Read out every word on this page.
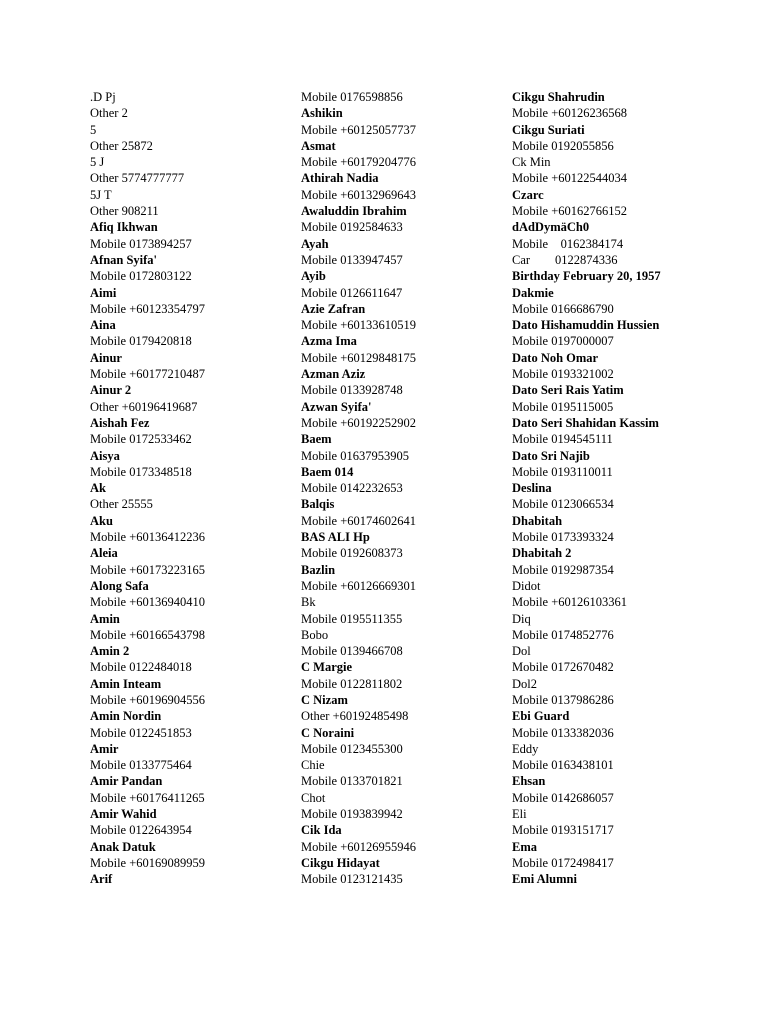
.D Pj
Other 2
5
Other 25872
5 J
Other 5774777777
5J T
Other 908211
Afiq Ikhwan
Mobile 0173894257
Afnan Syifa'
Mobile 0172803122
Aimi
Mobile +60123354797
Aina
Mobile 0179420818
Ainur
Mobile +60177210487
Ainur 2
Other +60196419687
Aishah Fez
Mobile 0172533462
Aisya
Mobile 0173348518
Ak
Other 25555
Aku
Mobile +60136412236
Aleia
Mobile +60173223165
Along Safa
Mobile +60136940410
Amin
Mobile +60166543798
Amin 2
Mobile 0122484018
Amin Inteam
Mobile +60196904556
Amin Nordin
Mobile 0122451853
Amir
Mobile 0133775464
Amir Pandan
Mobile +60176411265
Amir Wahid
Mobile 0122643954
Anak Datuk
Mobile +60169089959
Arif
Mobile 0176598856
Ashikin
Mobile +60125057737
Asmat
Mobile +60179204776
Athirah Nadia
Mobile +60132969643
Awaluddin Ibrahim
Mobile 0192584633
Ayah
Mobile 0133947457
Ayib
Mobile 0126611647
Azie Zafran
Mobile +60133610519
Azma Ima
Mobile +60129848175
Azman Aziz
Mobile 0133928748
Azwan Syifa'
Mobile +60192252902
Baem
Mobile 01637953905
Baem 014
Mobile 0142232653
Balqis
Mobile +60174602641
BAS ALI Hp
Mobile 0192608373
Bazlin
Mobile +60126669301
Bk
Mobile 0195511355
Bobo
Mobile 0139466708
C Margie
Mobile 0122811802
C Nizam
Other +60192485498
C Noraini
Mobile 0123455300
Chie
Mobile 0133701821
Chot
Mobile 0193839942
Cik Ida
Mobile +60126955946
Cikgu Hidayat
Mobile 0123121435
Cikgu Shahrudin
Mobile +60126236568
Cikgu Suriati
Mobile 0192055856
Ck Min
Mobile +60122544034
Czarc
Mobile +60162766152
dAdDymäCh0
Mobile    0162384174
Car        0122874336
Birthday February 20, 1957
Dakmie
Mobile 0166686790
Dato Hishamuddin Hussien
Mobile 0197000007
Dato Noh Omar
Mobile 0193321002
Dato Seri Rais Yatim
Mobile 0195115005
Dato Seri Shahidan Kassim
Mobile 0194545111
Dato Sri Najib
Mobile 0193110011
Deslina
Mobile 0123066534
Dhabitah
Mobile 0173393324
Dhabitah 2
Mobile 0192987354
Didot
Mobile +60126103361
Diq
Mobile 0174852776
Dol
Mobile 0172670482
Dol2
Mobile 0137986286
Ebi Guard
Mobile 0133382036
Eddy
Mobile 0163438101
Ehsan
Mobile 0142686057
Eli
Mobile 0193151717
Ema
Mobile 0172498417
Emi Alumni
